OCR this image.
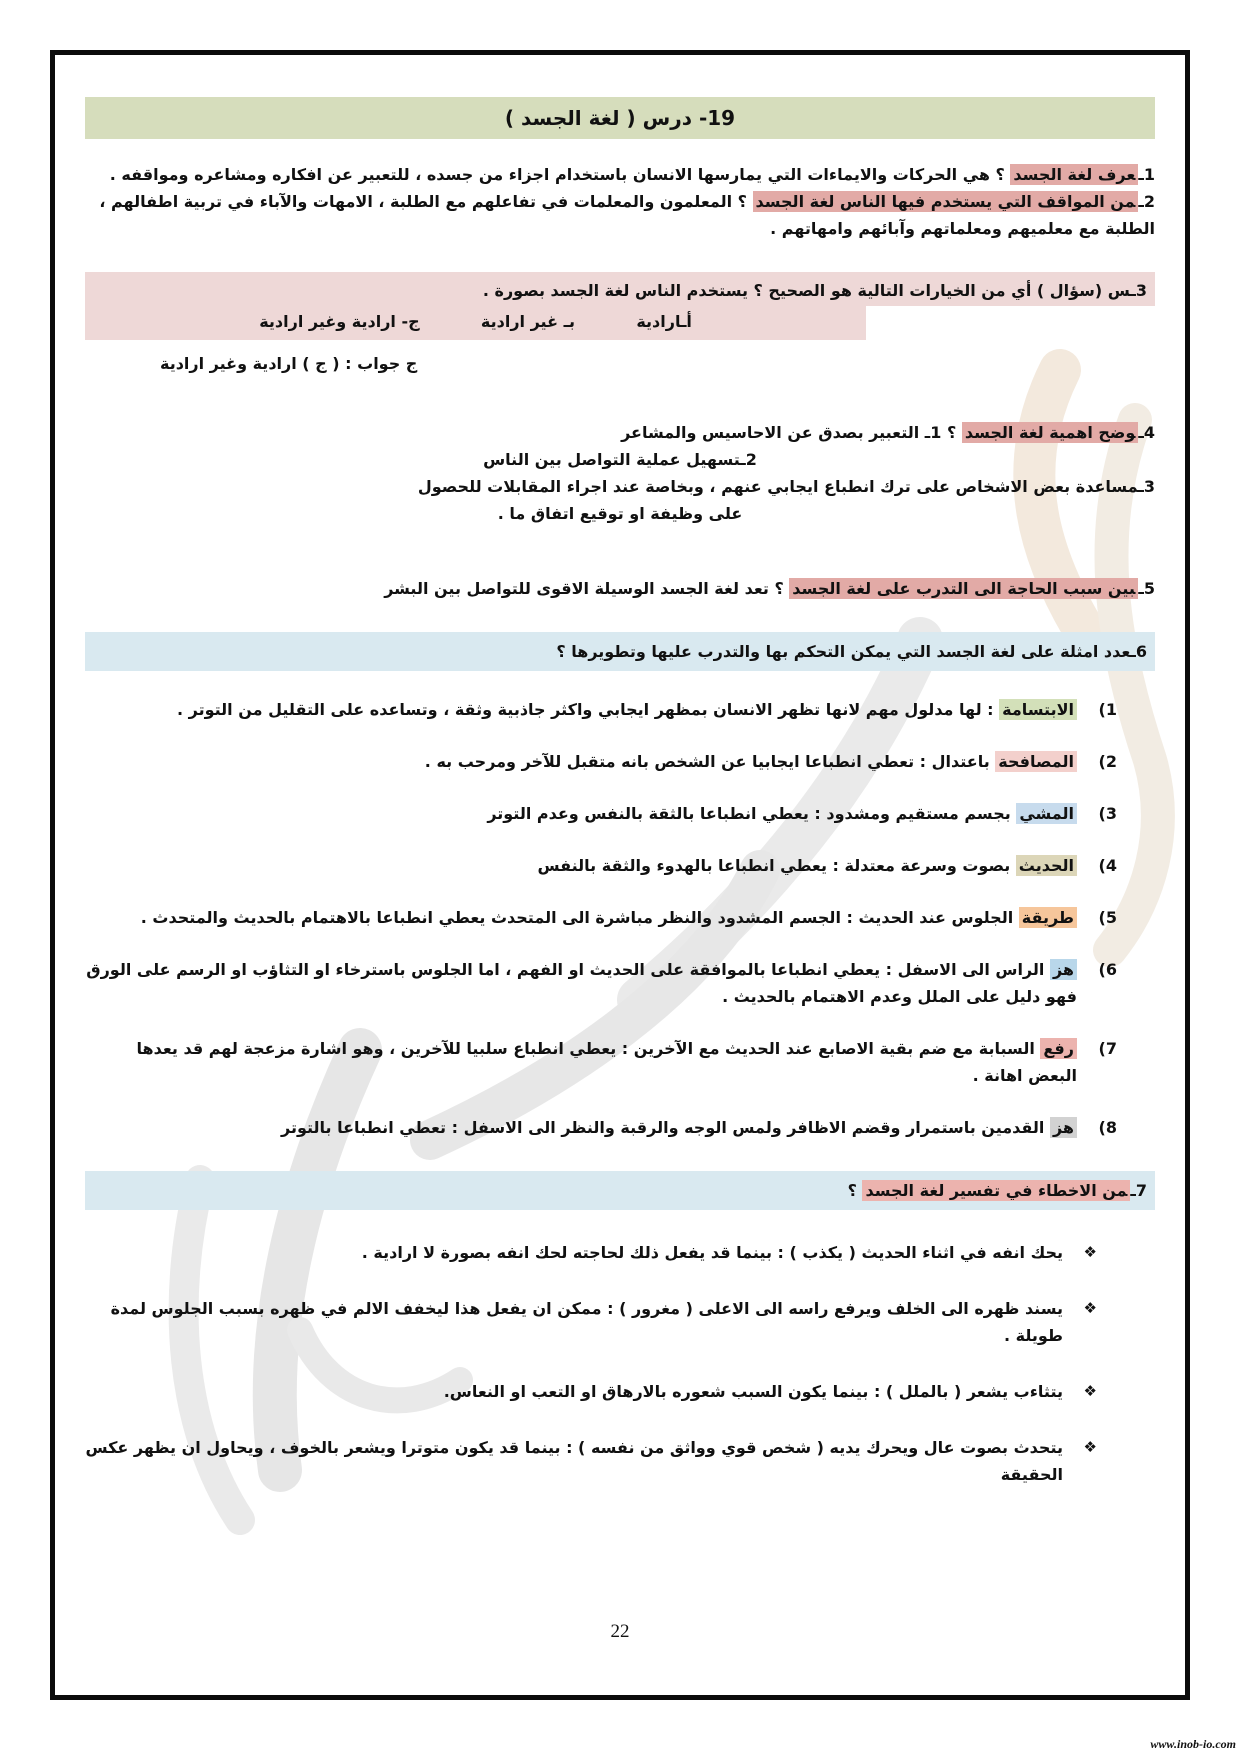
19- درس ( لغة الجسد )

1ـعرف لغة الجسد ؟ هي الحركات والايماءات التي يمارسها الانسان باستخدام اجزاء من جسده ، للتعبير عن افكاره ومشاعره ومواقفه .

2ـمن المواقف التي يستخدم فيها الناس لغة الجسد ؟ المعلمون والمعلمات في تفاعلهم مع الطلبة ، الامهات والآباء في تربية اطفالهم ، الطلبة مع معلميهم ومعلماتهم وآبائهم وامهاتهم .

3ـس (سؤال ) أي من الخيارات التالية هو الصحيح ؟ يستخدم الناس لغة الجسد بصورة .
أـارادية           بـ غير ارادية           ج- ارادية وغير ارادية
ج جواب : ( ج ) ارادية وغير ارادية

4ـوضح اهمية لغة الجسد ؟ 1ـ التعبير بصدق عن الاحاسيس والمشاعر

2ـتسهيل عملية التواصل بين الناس
3ـمساعدة بعض الاشخاص على ترك انطباع ايجابي عنهم ، وبخاصة عند اجراء المقابلات للحصول
على وظيفة او توقيع اتفاق ما .

5ـبين سبب الحاجة الى التدرب على لغة الجسد ؟ تعد لغة الجسد الوسيلة الاقوى للتواصل بين البشر

6ـعدد امثلة على لغة الجسد التي يمكن التحكم بها والتدرب عليها وتطويرها ؟
1)
الابتسامة : لها مدلول مهم لانها تظهر الانسان بمظهر ايجابي واكثر جاذبية وثقة ، وتساعده على التقليل من التوتر .
2)
المصافحة باعتدال : تعطي انطباعا ايجابيا عن الشخص بانه متقبل للآخر ومرحب به .
3)
المشي بجسم مستقيم ومشدود : يعطي انطباعا بالثقة بالنفس وعدم التوتر
4)
الحديث بصوت وسرعة معتدلة : يعطي انطباعا بالهدوء والثقة بالنفس
5)
طريقة الجلوس عند الحديث : الجسم المشدود والنظر مباشرة الى المتحدث يعطي انطباعا بالاهتمام بالحديث والمتحدث .
6)
هز الراس الى الاسفل : يعطي انطباعا بالموافقة على الحديث او الفهم ، اما الجلوس باسترخاء او التثاؤب او الرسم على الورق فهو دليل على الملل وعدم الاهتمام بالحديث .
7)
رفع السبابة مع ضم بقية الاصابع عند الحديث مع الآخرين : يعطي انطباع سلبيا للآخرين ، وهو اشارة مزعجة لهم قد يعدها البعض اهانة .
8)
هز القدمين باستمرار وقضم الاظافر ولمس الوجه والرقبة والنظر الى الاسفل : تعطي انطباعا بالتوتر
7ـمن الاخطاء في تفسير لغة الجسد ؟
❖
يحك انفه في اثناء الحديث ( يكذب ) : بينما قد يفعل ذلك لحاجته لحك انفه بصورة لا ارادية .
❖
يسند ظهره الى الخلف ويرفع راسه الى الاعلى ( مغرور ) : ممكن ان يفعل هذا ليخفف الالم في ظهره بسبب الجلوس لمدة طويلة .
❖
يتثاءب يشعر ( بالملل ) : بينما يكون السبب شعوره بالارهاق او التعب او النعاس.
❖
يتحدث بصوت عال ويحرك يديه ( شخص قوي وواثق من نفسه ) : بينما قد يكون متوترا ويشعر بالخوف ، ويحاول ان يظهر عكس الحقيقة
22
www.inob-io.com
